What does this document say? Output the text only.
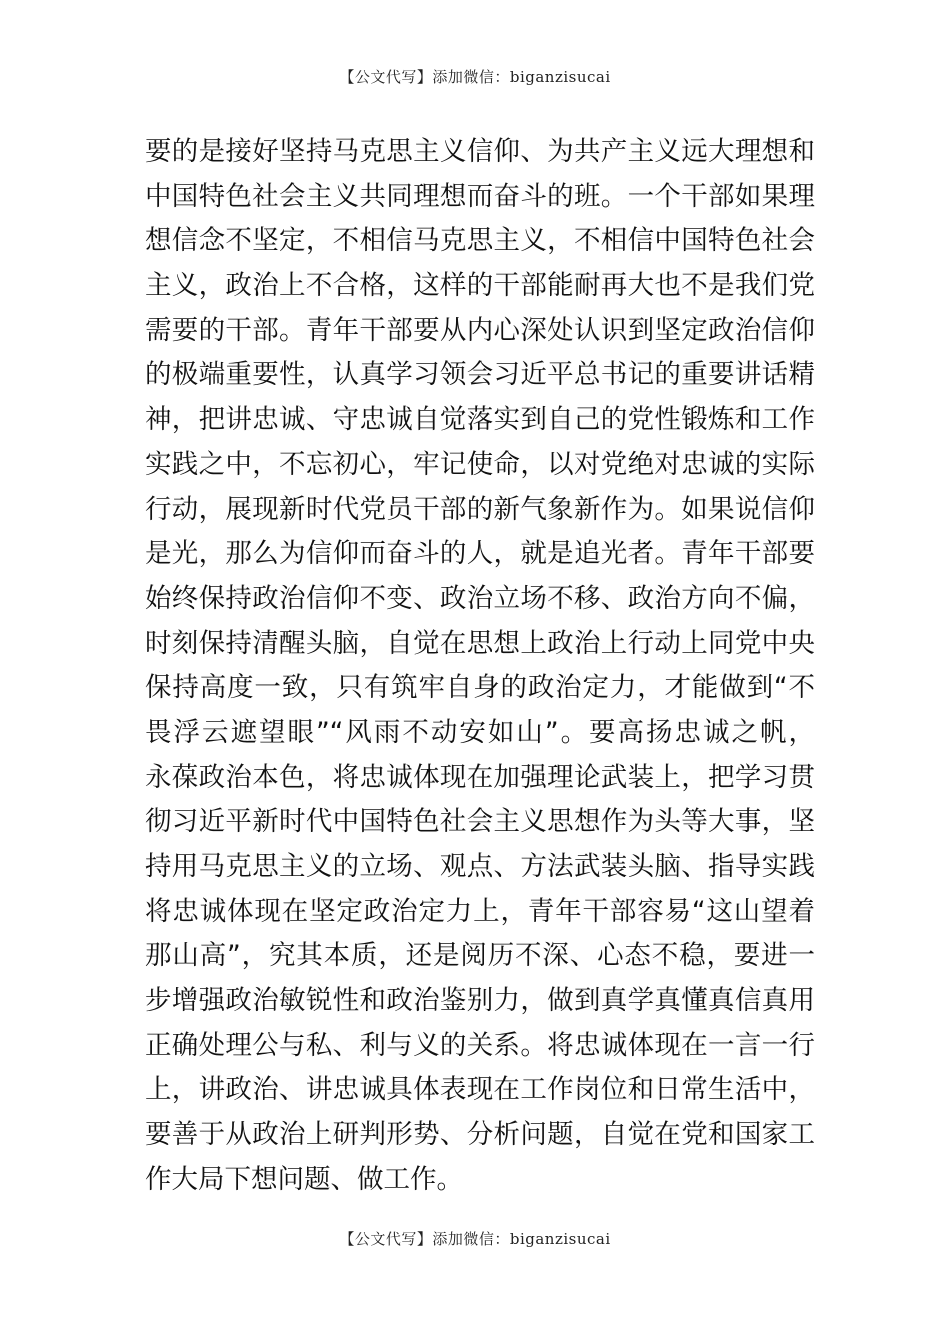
【公文代写】添加微信：biganzisucai
要的是接好坚持马克思主义信仰、为共产主义远大理想和
中国特色社会主义共同理想而奋斗的班。一个干部如果理
想信念不坚定，不相信马克思主义，不相信中国特色社会
主义，政治上不合格，这样的干部能耐再大也不是我们党
需要的干部。青年干部要从内心深处认识到坚定政治信仰
的极端重要性，认真学习领会习近平总书记的重要讲话精
神，把讲忠诚、守忠诚自觉落实到自己的党性锻炼和工作
实践之中，不忘初心，牢记使命，以对党绝对忠诚的实际
行动，展现新时代党员干部的新气象新作为。如果说信仰
是光，那么为信仰而奋斗的人，就是追光者。青年干部要
始终保持政治信仰不变、政治立场不移、政治方向不偏，
时刻保持清醒头脑，自觉在思想上政治上行动上同党中央
保持高度一致，只有筑牢自身的政治定力，才能做到“不
畏浮云遮望眼”“风雨不动安如山”。要高扬忠诚之帆，
永葆政治本色，将忠诚体现在加强理论武装上，把学习贯
彻习近平新时代中国特色社会主义思想作为头等大事，坚
持用马克思主义的立场、观点、方法武装头脑、指导实践
将忠诚体现在坚定政治定力上，青年干部容易“这山望着
那山高”，究其本质，还是阅历不深、心态不稳，要进一
步增强政治敏锐性和政治鉴别力，做到真学真懂真信真用
正确处理公与私、利与义的关系。将忠诚体现在一言一行
上，讲政治、讲忠诚具体表现在工作岗位和日常生活中，
要善于从政治上研判形势、分析问题，自觉在党和国家工
作大局下想问题、做工作。
【公文代写】添加微信：biganzisucai
